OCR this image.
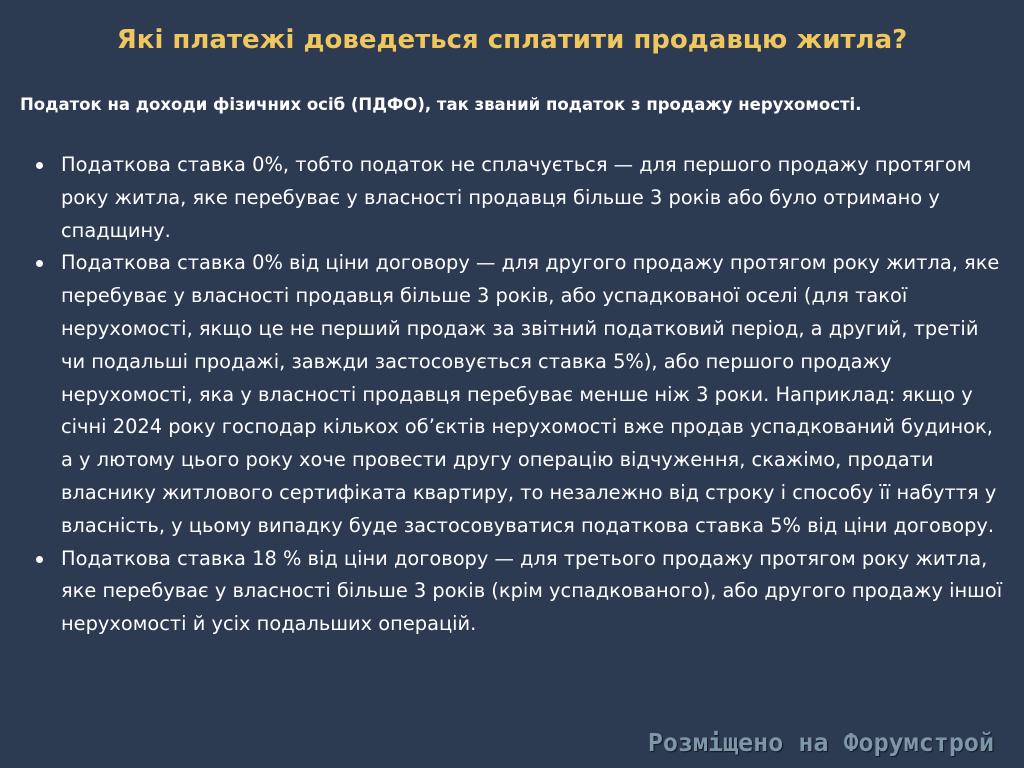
Які платежі доведеться сплатити продавцю житла?
Податок на доходи фізичних осіб (ПДФО), так званий податок з продажу нерухомості.
Податкова ставка 0%, тобто податок не сплачується — для першого продажу протягом року житла, яке перебуває у власності продавця більше 3 років або було отримано у спадщину.
Податкова ставка 0% від ціни договору — для другого продажу протягом року житла, яке перебуває у власності продавця більше 3 років, або успадкованої оселі (для такої нерухомості, якщо це не перший продаж за звітний податковий період, а другий, третій чи подальші продажі, завжди застосовується ставка 5%), або першого продажу нерухомості, яка у власності продавця перебуває менше ніж 3 роки. Наприклад: якщо у січні 2024 року господар кількох об’єктів нерухомості вже продав успадкований будинок, а у лютому цього року хоче провести другу операцію відчуження, скажімо, продати власнику житлового сертифіката квартиру, то незалежно від строку і способу її набуття у власність, у цьому випадку буде застосовуватися податкова ставка 5% від ціни договору.
Податкова ставка 18 % від ціни договору — для третього продажу протягом року житла, яке перебуває у власності більше 3 років (крім успадкованого), або другого продажу іншої нерухомості й усіх подальших операцій.
Розміщено на Форумстрой
